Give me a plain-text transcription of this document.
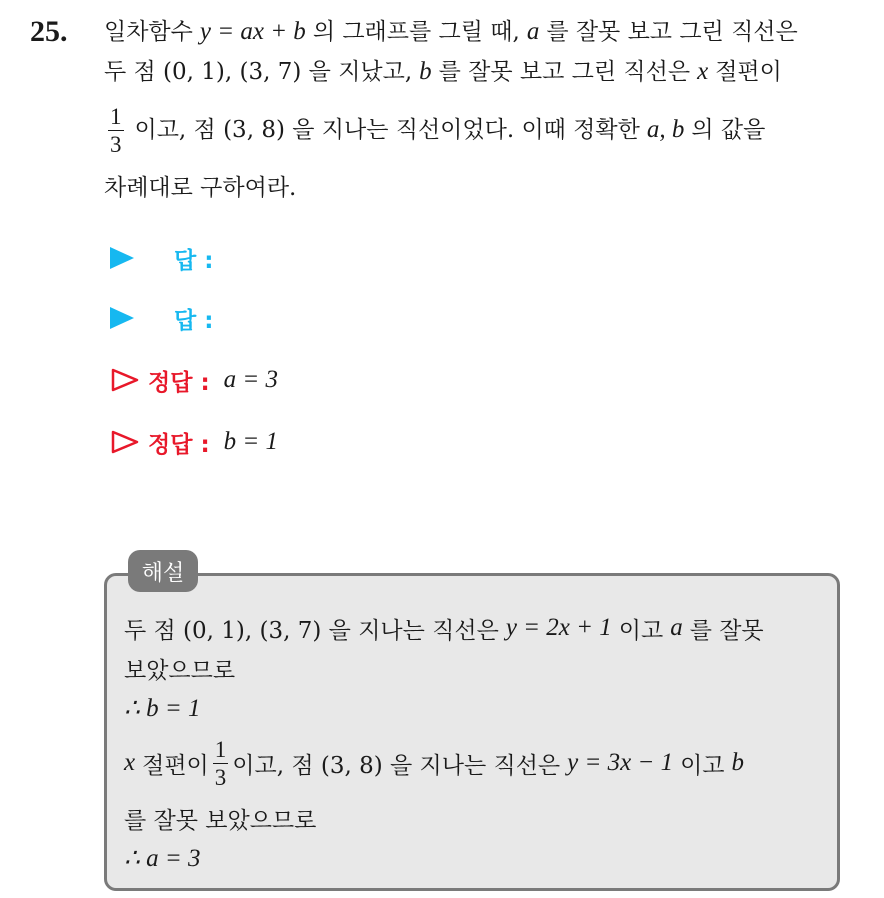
25. 일차함수 y = ax + b 의 그래프를 그릴 때, a 를 잘못 보고 그린 직선은
두 점 (0, 1), (3, 7) 을 지났고, b 를 잘못 보고 그린 직선은 x 절편이
$\frac{1}{3}$ 이고, 점 (3, 8) 을 지나는 직선이었다. 이때 정확한 a, b 의 값을
차례대로 구하여라.
답 :
답 :
정답 : a = 3
정답 : b = 1
해설
두 점 (0, 1), (3, 7) 을 지나는 직선은 y = 2x + 1 이고 a 를 잘못
보았으므로
∴ b = 1
x 절편이 $\frac{1}{3}$ 이고, 점 (3, 8) 을 지나는 직선은 y = 3x − 1 이고 b
를 잘못 보았으므로
∴ a = 3
